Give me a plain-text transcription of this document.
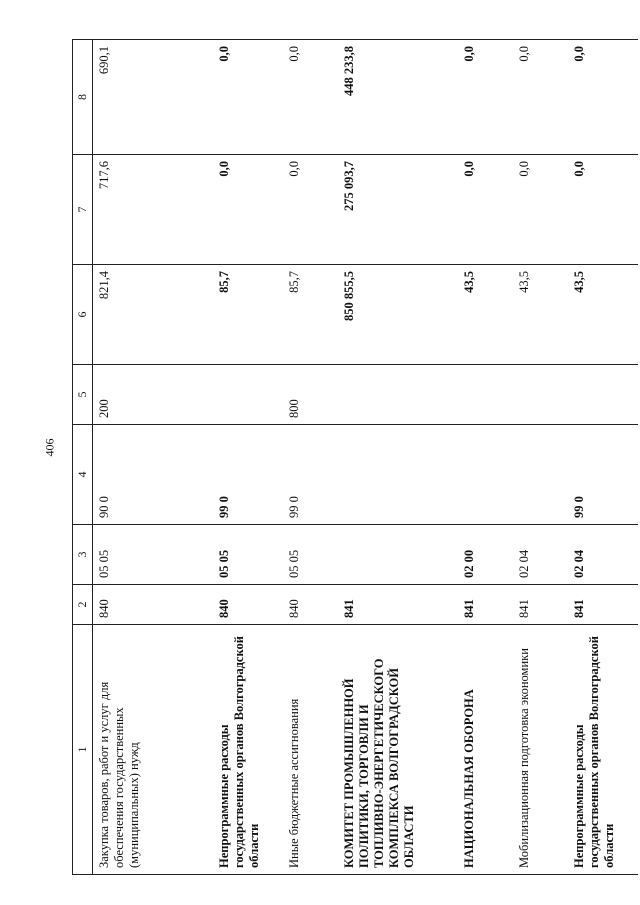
406
1	2	3	4	5	6	7	8
Закупка товаров, работ и услуг для обеспечения государственных (муниципальных) нужд	840	05 05	90 0	200	821,4	717,6	690,1
Непрограммные расходы государственных органов Волгоградской области	840	05 05	99 0		85,7	0,0	0,0
Иные бюджетные ассигнования	840	05 05	99 0	800	85,7	0,0	0,0
КОМИТЕТ ПРОМЫШЛЕННОЙ ПОЛИТИКИ, ТОРГОВЛИ И ТОПЛИВНО-ЭНЕРГЕТИЧЕСКОГО КОМПЛЕКСА ВОЛГОГРАДСКОЙ ОБЛАСТИ	841				850 855,5	275 093,7	448 233,8
НАЦИОНАЛЬНАЯ ОБОРОНА	841	02 00			43,5	0,0	0,0
Мобилизационная подготовка экономики	841	02 04			43,5	0,0	0,0
Непрограммные расходы государственных органов Волгоградской области	841	02 04	99 0		43,5	0,0	0,0
